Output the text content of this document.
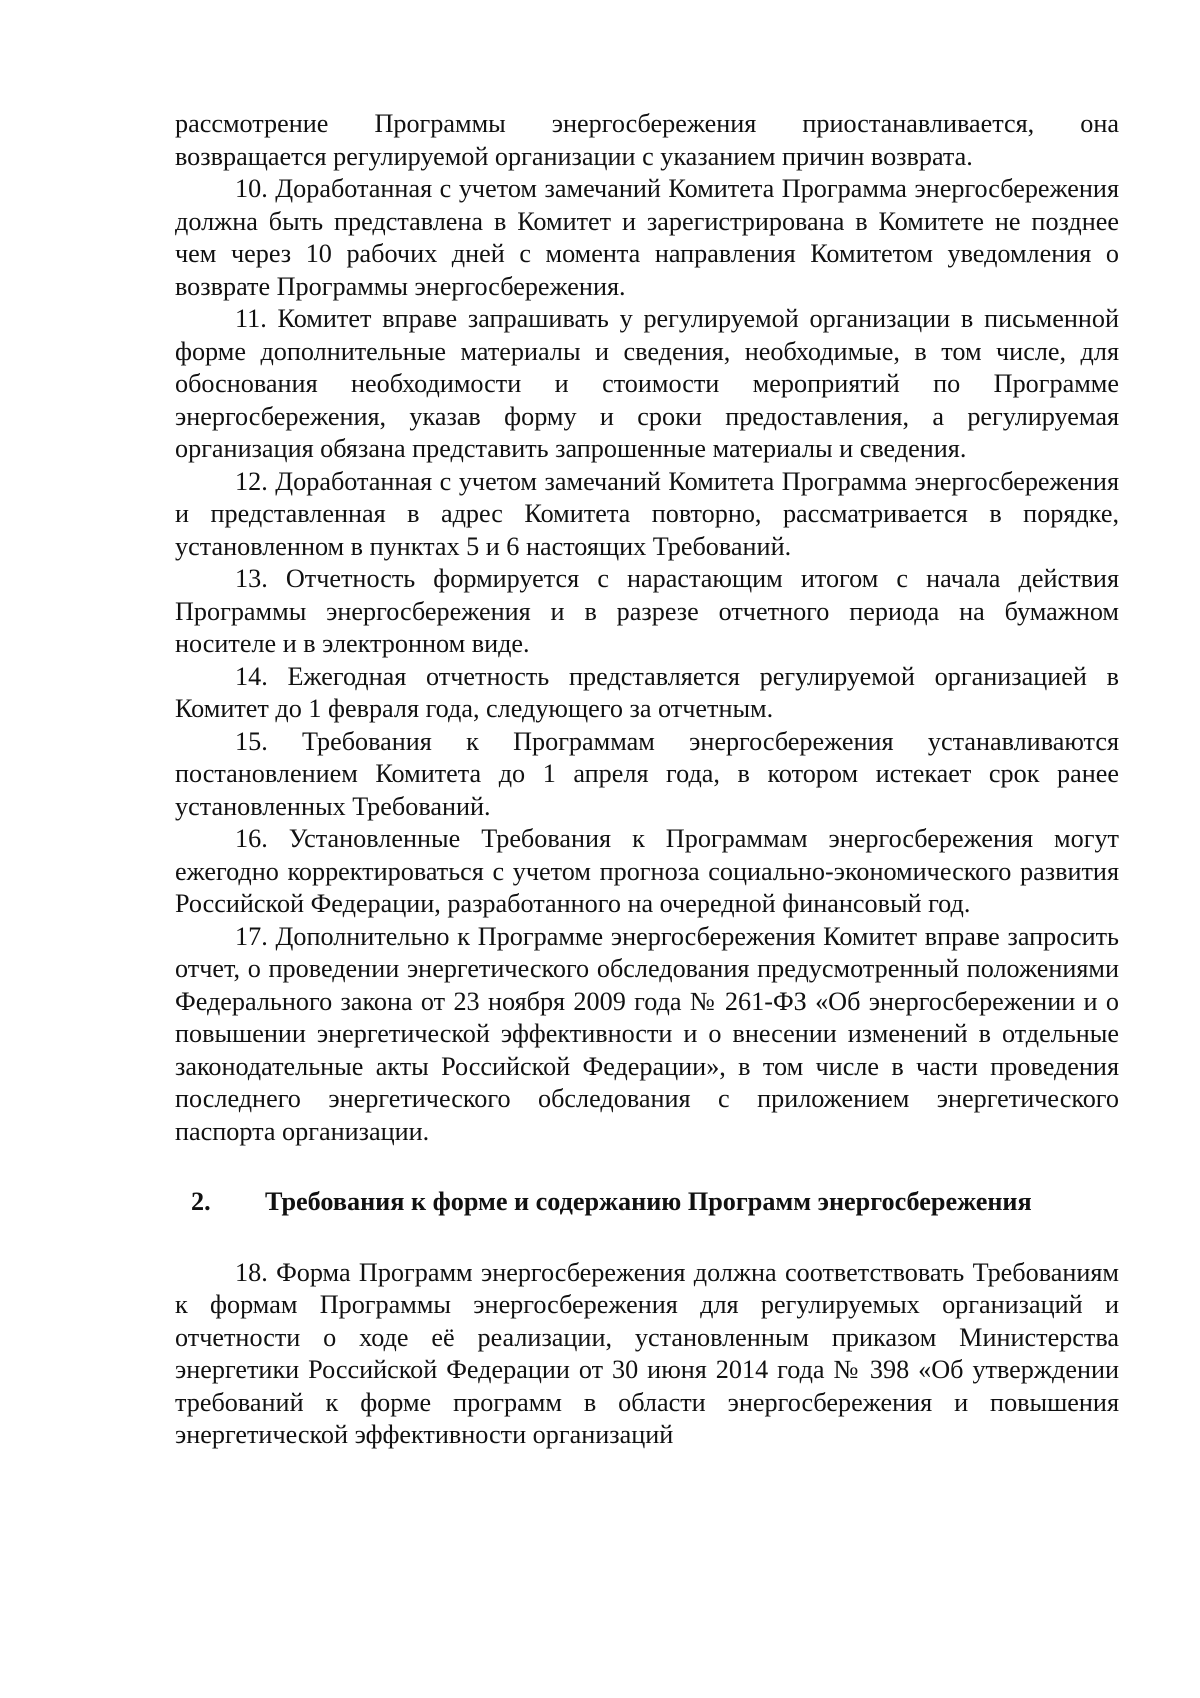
рассмотрение Программы энергосбережения приостанавливается, она возвращается регулируемой организации с указанием причин возврата.

10. Доработанная с учетом замечаний Комитета Программа энергосбережения должна быть представлена в Комитет и зарегистрирована в Комитете не позднее чем через 10 рабочих дней с момента направления Комитетом уведомления о возврате Программы энергосбережения.

11. Комитет вправе запрашивать у регулируемой организации в письменной форме дополнительные материалы и сведения, необходимые, в том числе, для обоснования необходимости и стоимости мероприятий по Программе энергосбережения, указав форму и сроки предоставления, а регулируемая организация обязана представить запрошенные материалы и сведения.

12. Доработанная с учетом замечаний Комитета Программа энергосбережения и представленная в адрес Комитета повторно, рассматривается в порядке, установленном в пунктах 5 и 6 настоящих Требований.

13. Отчетность формируется с нарастающим итогом с начала действия Программы энергосбережения и в разрезе отчетного периода на бумажном носителе и в электронном виде.

14. Ежегодная отчетность представляется регулируемой организацией в Комитет до 1 февраля года, следующего за отчетным.

15. Требования к Программам энергосбережения устанавливаются постановлением Комитета до 1 апреля года, в котором истекает срок ранее установленных Требований.

16. Установленные Требования к Программам энергосбережения могут ежегодно корректироваться с учетом прогноза социально-экономического развития Российской Федерации, разработанного на очередной финансовый год.

17. Дополнительно к Программе энергосбережения Комитет вправе запросить отчет, о проведении энергетического обследования предусмотренный положениями Федерального закона от 23 ноября 2009 года № 261-ФЗ «Об энергосбережении и о повышении энергетической эффективности и о внесении изменений в отдельные законодательные акты Российской Федерации», в том числе в части проведения последнего энергетического обследования с приложением энергетического паспорта организации.

2.	Требования к форме и содержанию Программ энергосбережения

18. Форма Программ энергосбережения должна соответствовать Требованиям к формам Программы энергосбережения для регулируемых организаций и отчетности о ходе её реализации, установленным приказом Министерства энергетики Российской Федерации от 30 июня 2014 года № 398 «Об утверждении требований к форме программ в области энергосбережения и повышения энергетической эффективности организаций
